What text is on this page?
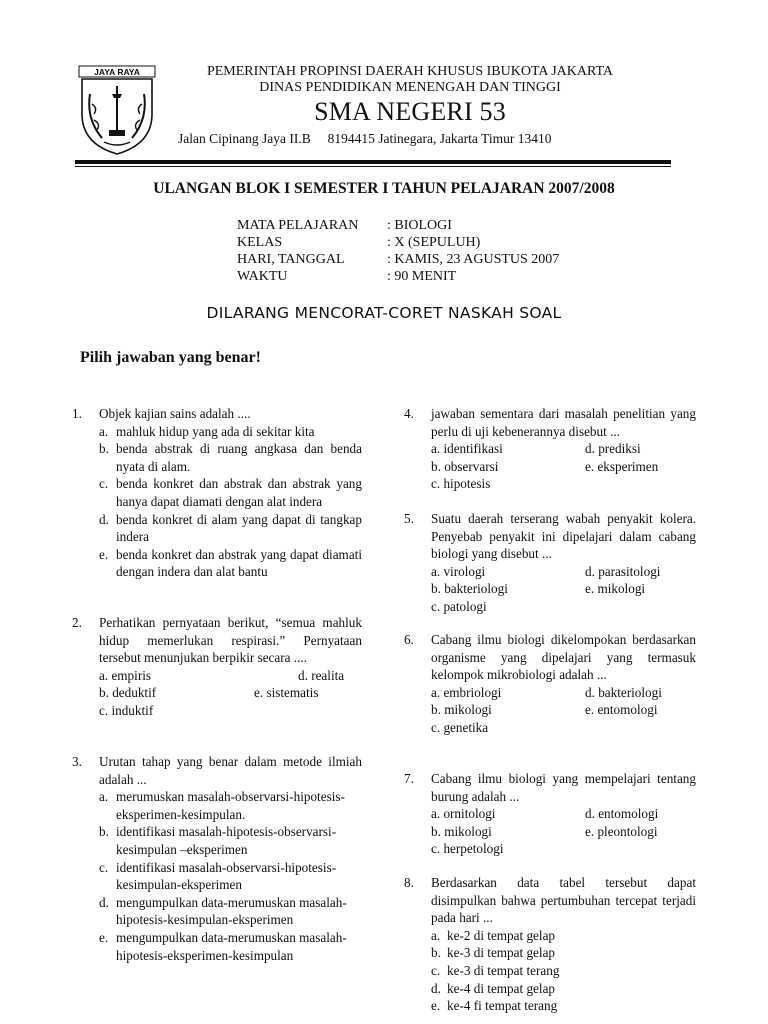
JAYA RAYA	PEMERINTAH PROPINSI DAERAH KHUSUS IBUKOTA JAKARTA
DINAS PENDIDIKAN MENENGAH DAN TINGGI
SMA NEGERI 53
Jalan Cipinang Jaya II.B     8194415 Jatinegara, Jakarta Timur 13410
ULANGAN BLOK I SEMESTER I TAHUN PELAJARAN 2007/2008
MATA PELAJARAN : BIOLOGI
KELAS	: X (SEPULUH)
HARI, TANGGAL	: KAMIS, 23 AGUSTUS 2007
WAKTU	: 90 MENIT
DILARANG MENCORAT-CORET NASKAH SOAL
Pilih jawaban yang benar!
1. Objek kajian sains adalah ....
a. mahluk hidup yang ada di sekitar kita
b. benda abstrak di ruang angkasa dan benda nyata di alam.
c. benda konkret dan abstrak dan abstrak yang hanya dapat diamati dengan alat indera
d. benda konkret di alam yang dapat di tangkap indera
e. benda konkret dan abstrak yang dapat diamati dengan indera dan alat bantu
2. Perhatikan pernyataan berikut, “semua mahluk hidup memerlukan respirasi.” Pernyataan tersebut menunjukan berpikir secara ....
a. empiris	d. realita
b. deduktif	e. sistematis
c. induktif
3. Urutan tahap yang benar dalam metode ilmiah adalah ...
a. merumuskan masalah-observarsi-hipotesis-eksperimen-kesimpulan.
b. identifikasi masalah-hipotesis-observarsi-kesimpulan –eksperimen
c. identifikasi masalah-observarsi-hipotesis-kesimpulan-eksperimen
d. mengumpulkan data-merumuskan masalah-hipotesis-kesimpulan-eksperimen
e. mengumpulkan data-merumuskan masalah-hipotesis-eksperimen-kesimpulan
4. jawaban sementara dari masalah penelitian yang perlu di uji kebenerannya disebut ...
a. identifikasi	d. prediksi
b. observarsi	e. eksperimen
c. hipotesis
5. Suatu daerah terserang wabah penyakit kolera. Penyebab penyakit ini dipelajari dalam cabang biologi yang disebut ...
a. virologi	d. parasitologi
b. bakteriologi	e. mikologi
c. patologi
6. Cabang ilmu biologi dikelompokan berdasarkan organisme yang dipelajari yang termasuk kelompok mikrobiologi adalah ...
a. embriologi	d. bakteriologi
b. mikologi	e. entomologi
c. genetika
7. Cabang ilmu biologi yang mempelajari tentang burung adalah ...
a. ornitologi	d. entomologi
b. mikologi	e. pleontologi
c. herpetologi
8. Berdasarkan data tabel tersebut dapat disimpulkan bahwa pertumbuhan tercepat terjadi pada hari ...
a. ke-2 di tempat gelap
b. ke-3 di tempat gelap
c. ke-3 di tempat terang
d. ke-4 di tempat gelap
e. ke-4 fi tempat terang
